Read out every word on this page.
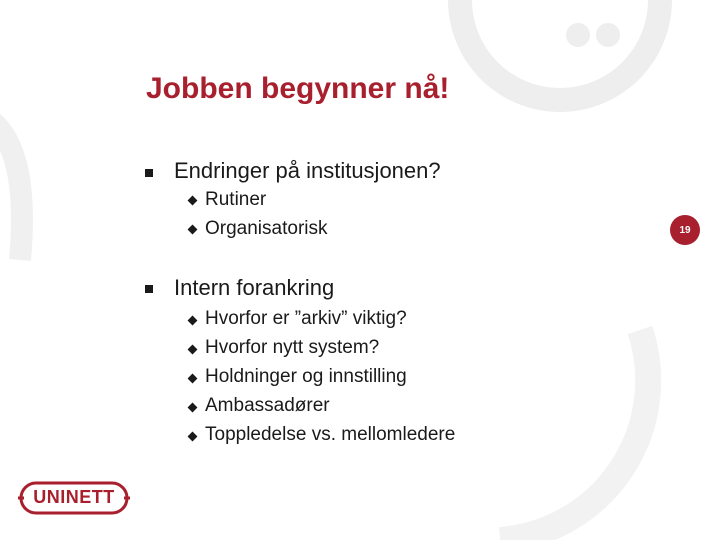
Jobben begynner nå!
Endringer på institusjonen?
Rutiner
Organisatorisk
Intern forankring
Hvorfor er ”arkiv” viktig?
Hvorfor nytt system?
Holdninger og innstilling
Ambassadører
Toppledelse vs. mellomledere
19
UNINETT
